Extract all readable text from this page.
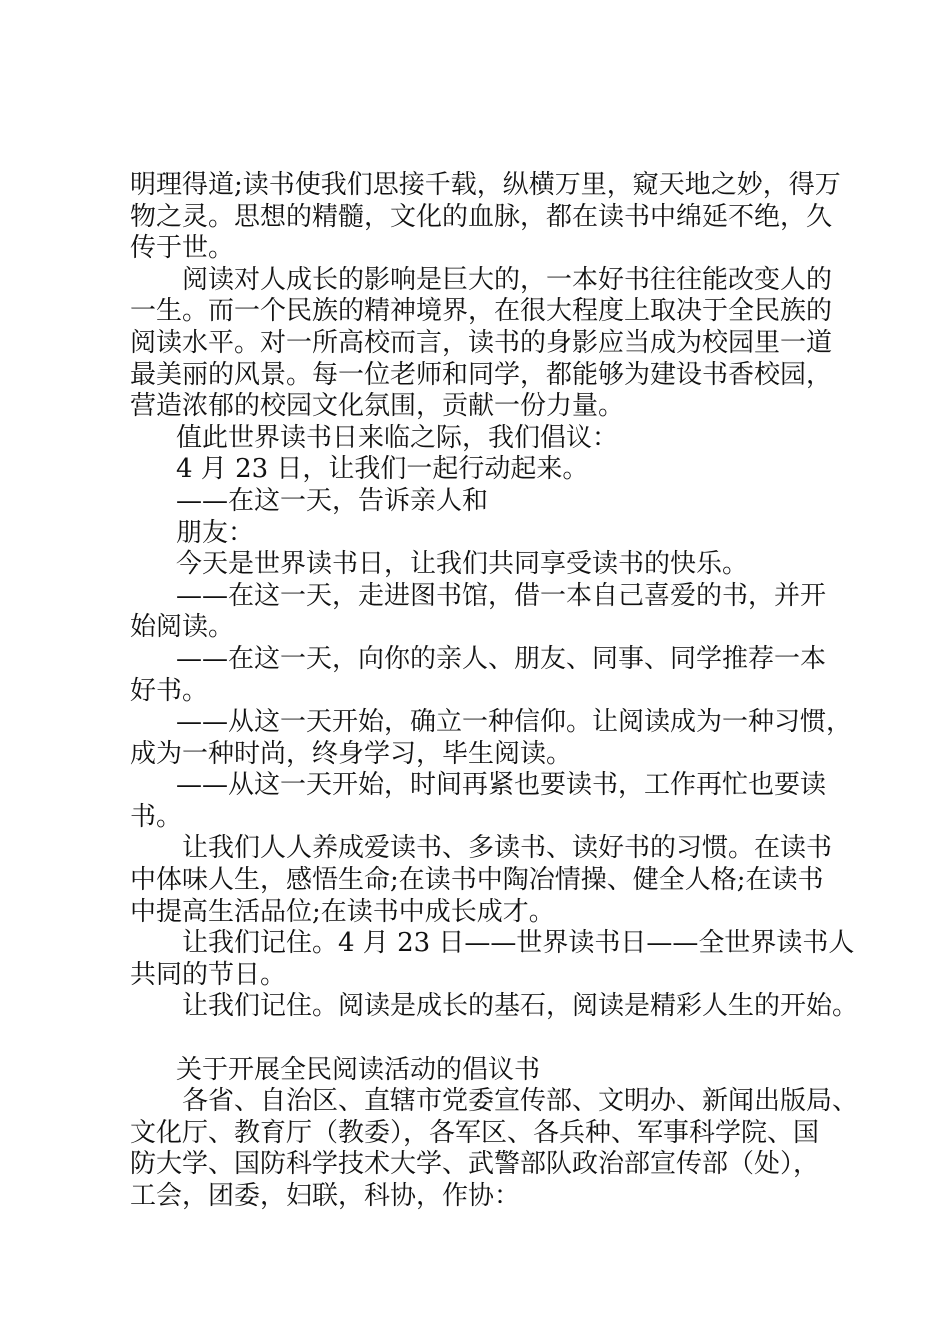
明理得道;读书使我们思接千载，纵横万里，窥天地之妙，得万
物之灵。思想的精髓，文化的血脉，都在读书中绵延不绝，久
传于世。
阅读对人成长的影响是巨大的，一本好书往往能改变人的
一生。而一个民族的精神境界，在很大程度上取决于全民族的
阅读水平。对一所高校而言，读书的身影应当成为校园里一道
最美丽的风景。每一位老师和同学，都能够为建设书香校园，
营造浓郁的校园文化氛围，贡献一份力量。
值此世界读书日来临之际，我们倡议：
4 月 23 日，让我们一起行动起来。
——在这一天，告诉亲人和
朋友：
今天是世界读书日，让我们共同享受读书的快乐。
——在这一天，走进图书馆，借一本自己喜爱的书，并开
始阅读。
——在这一天，向你的亲人、朋友、同事、同学推荐一本
好书。
——从这一天开始，确立一种信仰。让阅读成为一种习惯，
成为一种时尚，终身学习，毕生阅读。
——从这一天开始，时间再紧也要读书，工作再忙也要读
书。
让我们人人养成爱读书、多读书、读好书的习惯。在读书
中体味人生，感悟生命;在读书中陶冶情操、健全人格;在读书
中提高生活品位;在读书中成长成才。
让我们记住。4 月 23 日——世界读书日——全世界读书人
共同的节日。
让我们记住。阅读是成长的基石，阅读是精彩人生的开始。
关于开展全民阅读活动的倡议书
各省、自治区、直辖市党委宣传部、文明办、新闻出版局、
文化厅、教育厅（教委），各军区、各兵种、军事科学院、国
防大学、国防科学技术大学、武警部队政治部宣传部（处），
工会，团委，妇联，科协，作协：
